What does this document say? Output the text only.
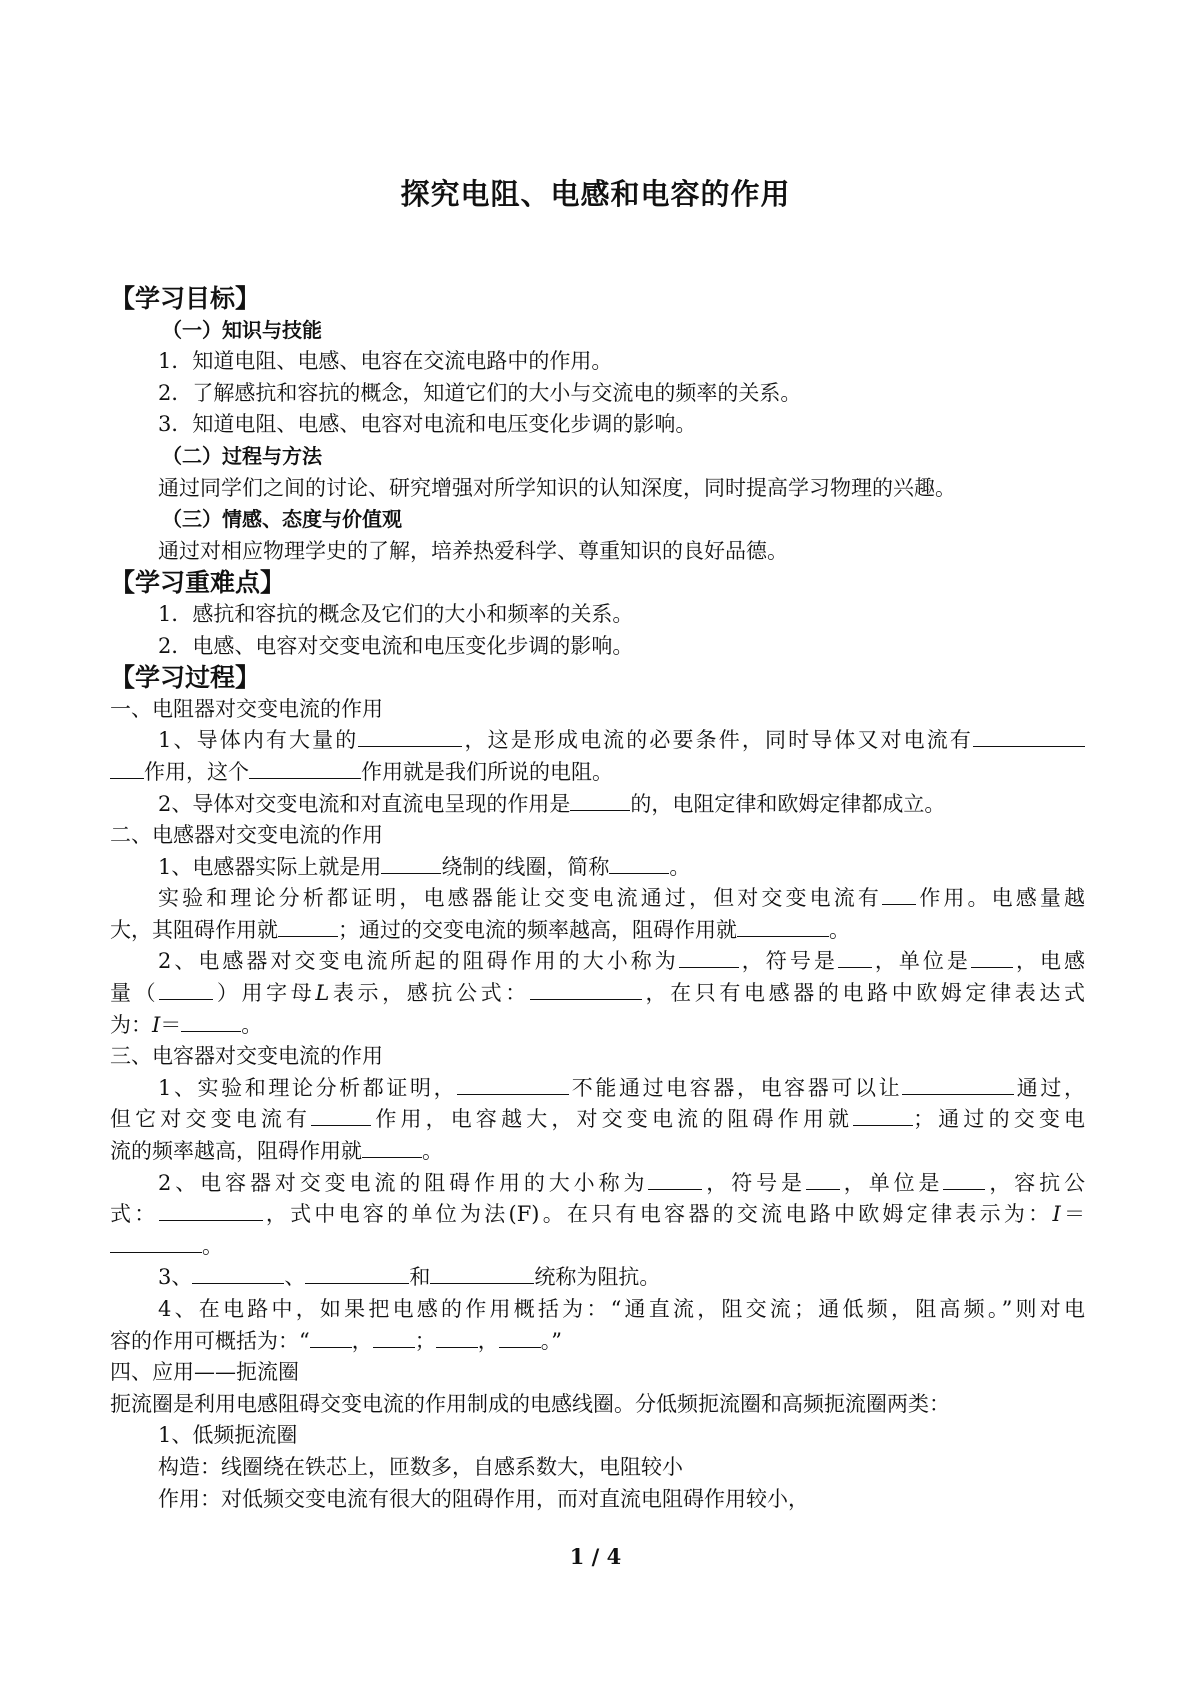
探究电阻、电感和电容的作用
【学习目标】
（一）知识与技能
1．知道电阻、电感、电容在交流电路中的作用。
2．了解感抗和容抗的概念，知道它们的大小与交流电的频率的关系。
3．知道电阻、电感、电容对电流和电压变化步调的影响。
（二）过程与方法
通过同学们之间的讨论、研究增强对所学知识的认知深度，同时提高学习物理的兴趣。
（三）情感、态度与价值观
通过对相应物理学史的了解，培养热爱科学、尊重知识的良好品德。
【学习重难点】
1．感抗和容抗的概念及它们的大小和频率的关系。
2．电感、电容对交变电流和电压变化步调的影响。
【学习过程】
一、电阻器对交变电流的作用
1、导体内有大量的	，这是形成电流的必要条件，同时导体又对电流有
作用，这个	作用就是我们所说的电阻。
2、导体对交变电流和对直流电呈现的作用是	的，电阻定律和欧姆定律都成立。
二、电感器对交变电流的作用
1、电感器实际上就是用	绕制的线圈，简称	。
实验和理论分析都证明，电感器能让交变电流通过，但对交变电流有 作用。电感量越
大，其阻碍作用就	；通过的交变电流的频率越高，阻碍作用就	。
2、电感器对交变电流所起的阻碍作用的大小称为	，符号是 ，单位是 ，电感
量（	）用字母L表示，感抗公式：	，在只有电感器的电路中欧姆定律表达式
为：I＝	。
三、电容器对交变电流的作用
1、实验和理论分析都证明，	不能通过电容器，电容器可以让	通过，
但它对交变电流有	作用，电容越大，对交变电流的阻碍作用就	；通过的交变电
流的频率越高，阻碍作用就	。
2、电容器对交变电流的阻碍作用的大小称为	，符号是 ，单位是 ，容抗公
式：	，式中电容的单位为法(F)。在只有电容器的交流电路中欧姆定律表示为：I＝
。
3、	、	和	统称为阻抗。
4、在电路中，如果把电感的作用概括为：“通直流，阻交流；通低频，阻高频。”则对电
容的作用可概括为：“ ， ； ， 。”
四、应用——扼流圈
扼流圈是利用电感阻碍交变电流的作用制成的电感线圈。分低频扼流圈和高频扼流圈两类：
1、低频扼流圈
构造：线圈绕在铁芯上，匝数多，自感系数大，电阻较小
作用：对低频交变电流有很大的阻碍作用，而对直流电阻碍作用较小，
1 / 4
